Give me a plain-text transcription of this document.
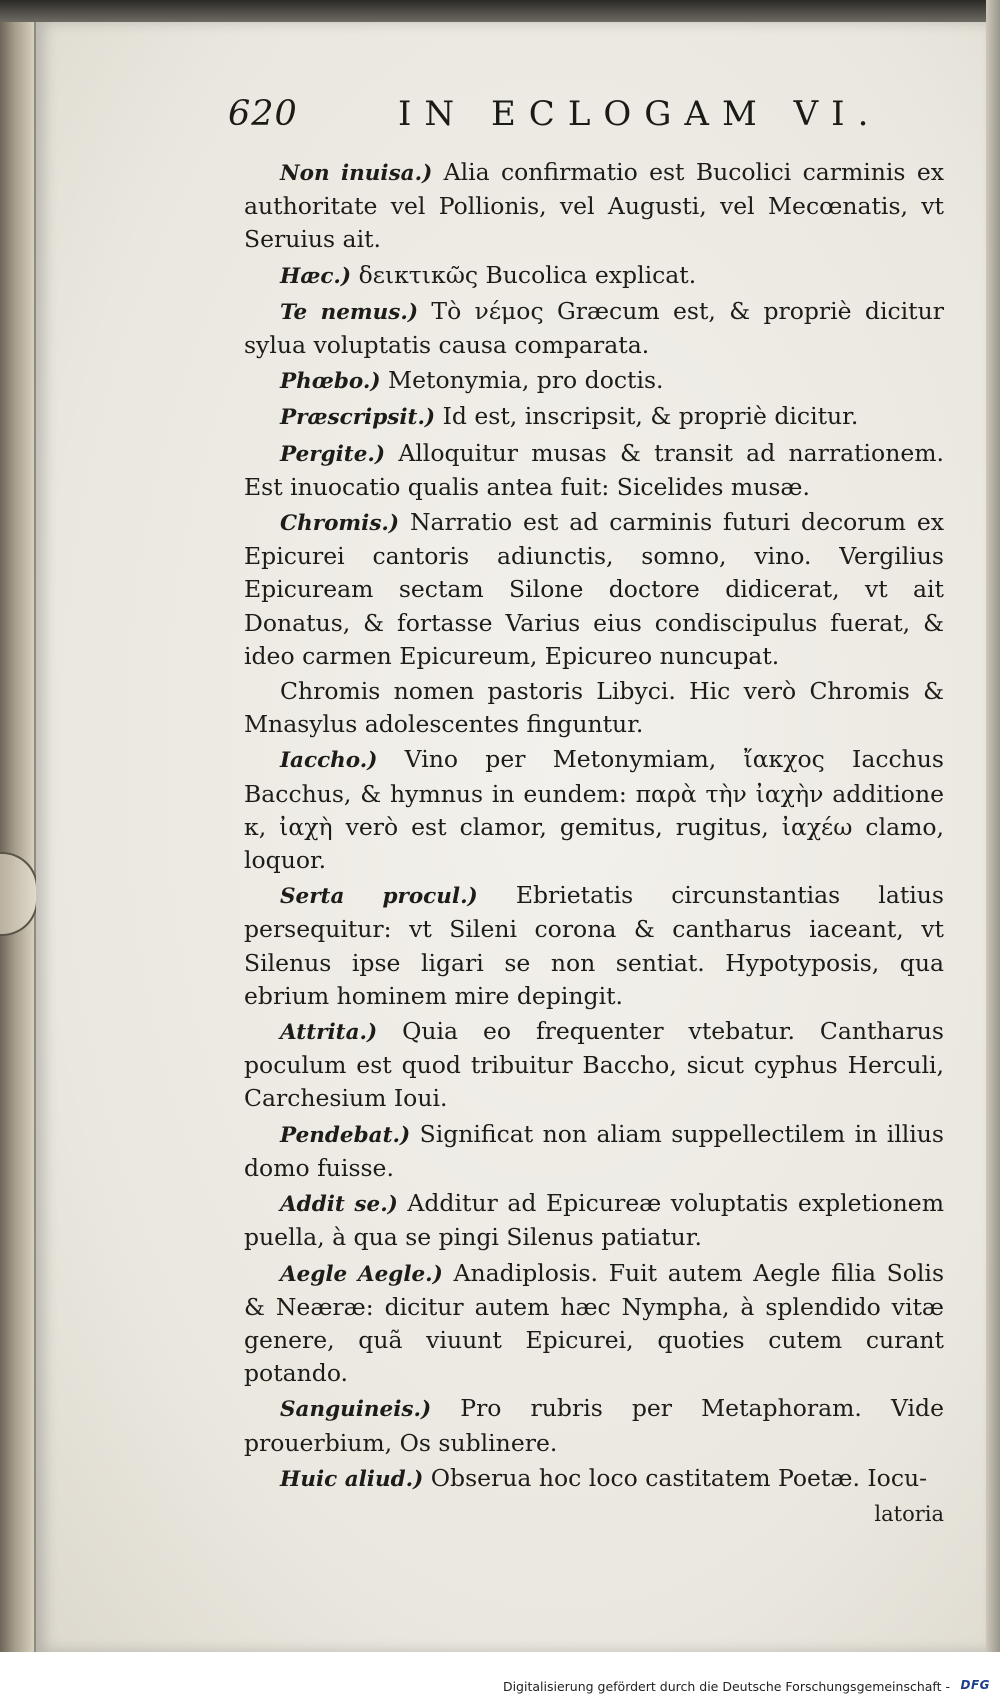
620	IN ECLOGAM VI.

Non inuisa.) Alia confirmatio est Bucolici carminis ex authoritate vel Pollionis, vel Augusti, vel Mecœnatis, vt Seruius ait.

Hæc.) δεικτικῶς Bucolica explicat.

Te nemus.) Τὸ νέμος Græcum est, & propriè dicitur sylua voluptatis causa comparata.

Phœbo.) Metonymia, pro doctis.

Præscripsit.) Id est, inscripsit, & propriè dicitur.

Pergite.) Alloquitur musas & transit ad narrationem. Est inuocatio qualis antea fuit: Sicelides musæ.

Chromis.) Narratio est ad carminis futuri decorum ex Epicurei cantoris adiunctis, somno, vino. Vergilius Epicuream sectam Silone doctore didicerat, vt ait Donatus, & fortasse Varius eius condiscipulus fuerat, & ideo carmen Epicureum, Epicureo nuncupat.

Chromis nomen pastoris Libyci. Hic verò Chromis & Mnasylus adolescentes finguntur.

Iaccho.) Vino per Metonymiam, ἴακχος Iacchus Bacchus, & hymnus in eundem: παρὰ τὴν ἰαχὴν additione κ, ἰαχὴ verò est clamor, gemitus, rugitus, ἰαχέω clamo, loquor.

Serta procul.) Ebrietatis circunstantias latius persequitur: vt Sileni corona & cantharus iaceant, vt Silenus ipse ligari se non sentiat. Hypotyposis, qua ebrium hominem mire depingit.

Attrita.) Quia eo frequenter vtebatur. Cantharus poculum est quod tribuitur Baccho, sicut cyphus Herculi, Carchesium Ioui.

Pendebat.) Significat non aliam suppellectilem in illius domo fuisse.

Addit se.) Additur ad Epicureæ voluptatis expletionem puella, à qua se pingi Silenus patiatur.

Aegle Aegle.) Anadiplosis. Fuit autem Aegle filia Solis & Neæræ: dicitur autem hæc Nympha, à splendido vitæ genere, quã viuunt Epicurei, quoties cutem curant potando.

Sanguineis.) Pro rubris per Metaphoram. Vide prouerbium, Os sublinere.

Huic aliud.) Obserua hoc loco castitatem Poetæ. Iocu-

latoria
Digitalisierung gefördert durch die Deutsche Forschungsgemeinschaft - DFG
